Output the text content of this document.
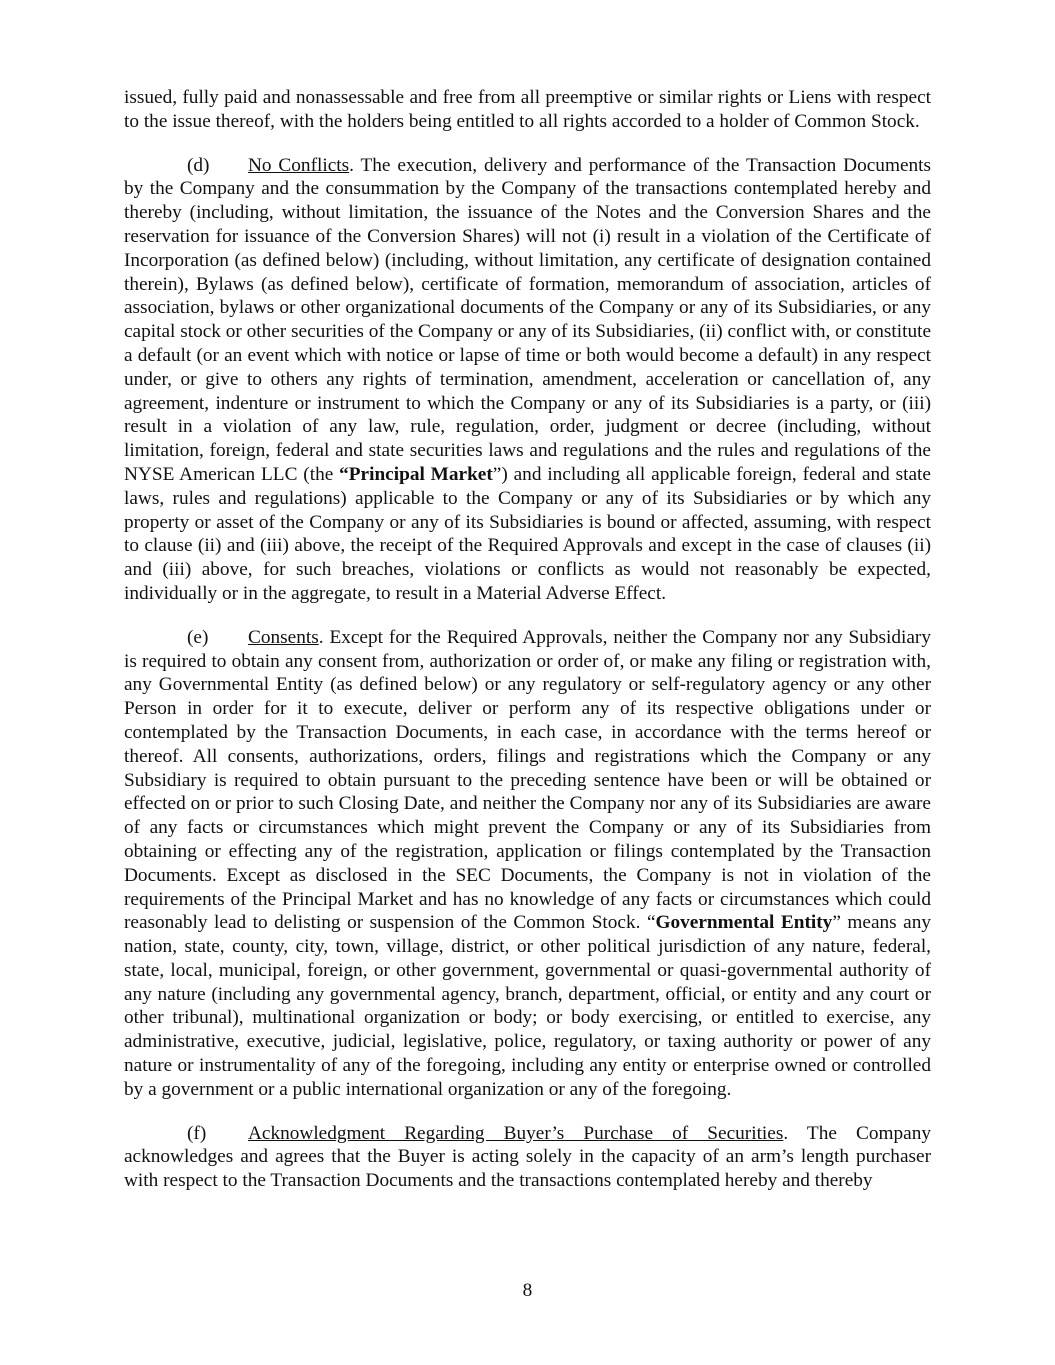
issued, fully paid and nonassessable and free from all preemptive or similar rights or Liens with respect to the issue thereof, with the holders being entitled to all rights accorded to a holder of Common Stock.

(d) No Conflicts. The execution, delivery and performance of the Transaction Documents by the Company and the consummation by the Company of the transactions contemplated hereby and thereby (including, without limitation, the issuance of the Notes and the Conversion Shares and the reservation for issuance of the Conversion Shares) will not (i) result in a violation of the Certificate of Incorporation (as defined below) (including, without limitation, any certificate of designation contained therein), Bylaws (as defined below), certificate of formation, memorandum of association, articles of association, bylaws or other organizational documents of the Company or any of its Subsidiaries, or any capital stock or other securities of the Company or any of its Subsidiaries, (ii) conflict with, or constitute a default (or an event which with notice or lapse of time or both would become a default) in any respect under, or give to others any rights of termination, amendment, acceleration or cancellation of, any agreement, indenture or instrument to which the Company or any of its Subsidiaries is a party, or (iii) result in a violation of any law, rule, regulation, order, judgment or decree (including, without limitation, foreign, federal and state securities laws and regulations and the rules and regulations of the NYSE American LLC (the “Principal Market”) and including all applicable foreign, federal and state laws, rules and regulations) applicable to the Company or any of its Subsidiaries or by which any property or asset of the Company or any of its Subsidiaries is bound or affected, assuming, with respect to clause (ii) and (iii) above, the receipt of the Required Approvals and except in the case of clauses (ii) and (iii) above, for such breaches, violations or conflicts as would not reasonably be expected, individually or in the aggregate, to result in a Material Adverse Effect.

(e) Consents. Except for the Required Approvals, neither the Company nor any Subsidiary is required to obtain any consent from, authorization or order of, or make any filing or registration with, any Governmental Entity (as defined below) or any regulatory or self-regulatory agency or any other Person in order for it to execute, deliver or perform any of its respective obligations under or contemplated by the Transaction Documents, in each case, in accordance with the terms hereof or thereof. All consents, authorizations, orders, filings and registrations which the Company or any Subsidiary is required to obtain pursuant to the preceding sentence have been or will be obtained or effected on or prior to such Closing Date, and neither the Company nor any of its Subsidiaries are aware of any facts or circumstances which might prevent the Company or any of its Subsidiaries from obtaining or effecting any of the registration, application or filings contemplated by the Transaction Documents. Except as disclosed in the SEC Documents, the Company is not in violation of the requirements of the Principal Market and has no knowledge of any facts or circumstances which could reasonably lead to delisting or suspension of the Common Stock. “Governmental Entity” means any nation, state, county, city, town, village, district, or other political jurisdiction of any nature, federal, state, local, municipal, foreign, or other government, governmental or quasi-governmental authority of any nature (including any governmental agency, branch, department, official, or entity and any court or other tribunal), multinational organization or body; or body exercising, or entitled to exercise, any administrative, executive, judicial, legislative, police, regulatory, or taxing authority or power of any nature or instrumentality of any of the foregoing, including any entity or enterprise owned or controlled by a government or a public international organization or any of the foregoing.

(f) Acknowledgment Regarding Buyer’s Purchase of Securities. The Company acknowledges and agrees that the Buyer is acting solely in the capacity of an arm’s length purchaser with respect to the Transaction Documents and the transactions contemplated hereby and thereby

8
